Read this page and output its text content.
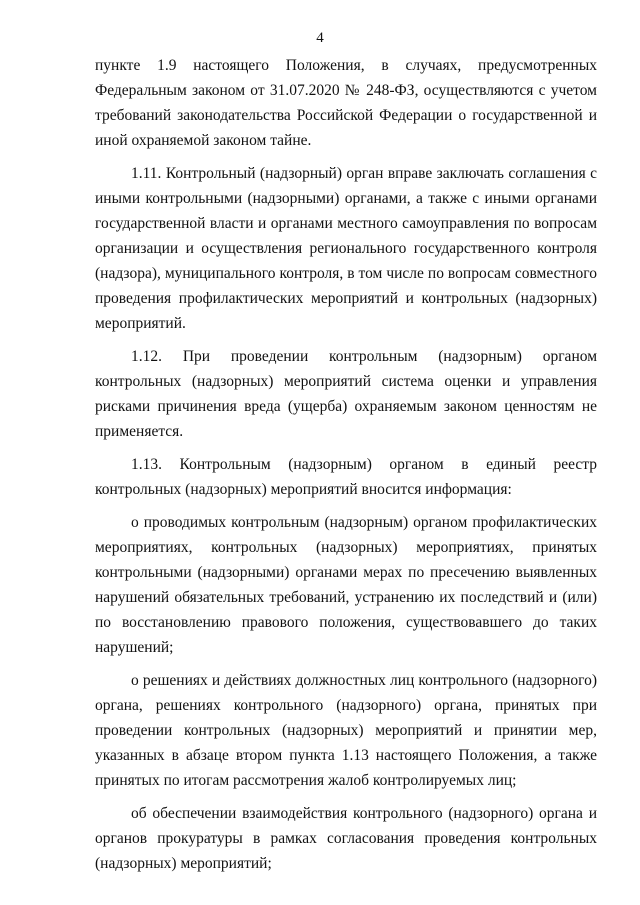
4

пункте 1.9 настоящего Положения, в случаях, предусмотренных Федеральным законом от 31.07.2020 № 248-ФЗ, осуществляются с учетом требований законодательства Российской Федерации о государственной и иной охраняемой законом тайне.

1.11. Контрольный (надзорный) орган вправе заключать соглашения с иными контрольными (надзорными) органами, а также с иными органами государственной власти и органами местного самоуправления по вопросам организации и осуществления регионального государственного контроля (надзора), муниципального контроля, в том числе по вопросам совместного проведения профилактических мероприятий и контрольных (надзорных) мероприятий.

1.12. При проведении контрольным (надзорным) органом контрольных (надзорных) мероприятий система оценки и управления рисками причинения вреда (ущерба) охраняемым законом ценностям не применяется.

1.13. Контрольным (надзорным) органом в единый реестр контрольных (надзорных) мероприятий вносится информация:

о проводимых контрольным (надзорным) органом профилактических мероприятиях, контрольных (надзорных) мероприятиях, принятых контрольными (надзорными) органами мерах по пресечению выявленных нарушений обязательных требований, устранению их последствий и (или) по восстановлению правового положения, существовавшего до таких нарушений;

о решениях и действиях должностных лиц контрольного (надзорного) органа, решениях контрольного (надзорного) органа, принятых при проведении контрольных (надзорных) мероприятий и принятии мер, указанных в абзаце втором пункта 1.13 настоящего Положения, а также принятых по итогам рассмотрения жалоб контролируемых лиц;

об обеспечении взаимодействия контрольного (надзорного) органа и органов прокуратуры в рамках согласования проведения контрольных (надзорных) мероприятий;
